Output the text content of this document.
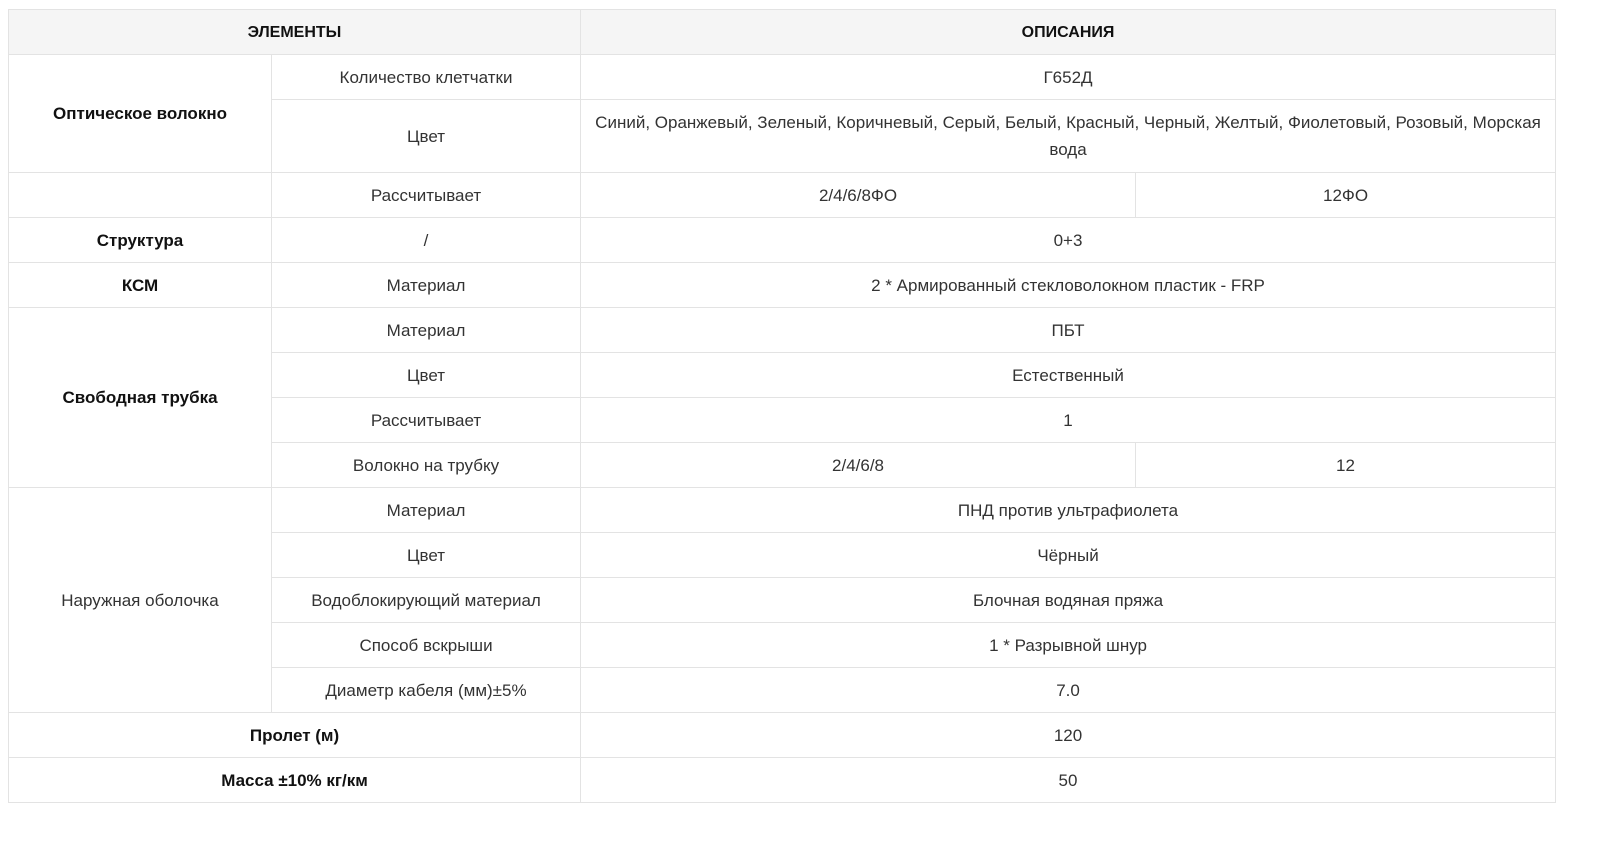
ЭЛЕМЕНТЫ		ОПИСАНИЯ	
Оптическое волокно	Количество клетчатки	Г652Д	
	Цвет	Синий, Оранжевый, Зеленый, Коричневый, Серый, Белый, Красный, Черный, Желтый, Фиолетовый, Розовый, Морская вода	
	Рассчитывает	2/4/6/8ФО	12ФО
Структура	/	0+3	
КСМ	Материал	2 * Армированный стекловолокном пластик - FRP	
Свободная трубка	Материал	ПБТ	
	Цвет	Естественный	
	Рассчитывает	1	
	Волокно на трубку	2/4/6/8	12
Наружная оболочка	Материал	ПНД против ультрафиолета	
	Цвет	Чёрный	
	Водоблокирующий материал	Блочная водяная пряжа	
	Способ вскрыши	1 * Разрывной шнур	
	Диаметр кабеля (мм)±5%	7.0	
Пролет (м)		120	
Масса ±10% кг/км		50	
